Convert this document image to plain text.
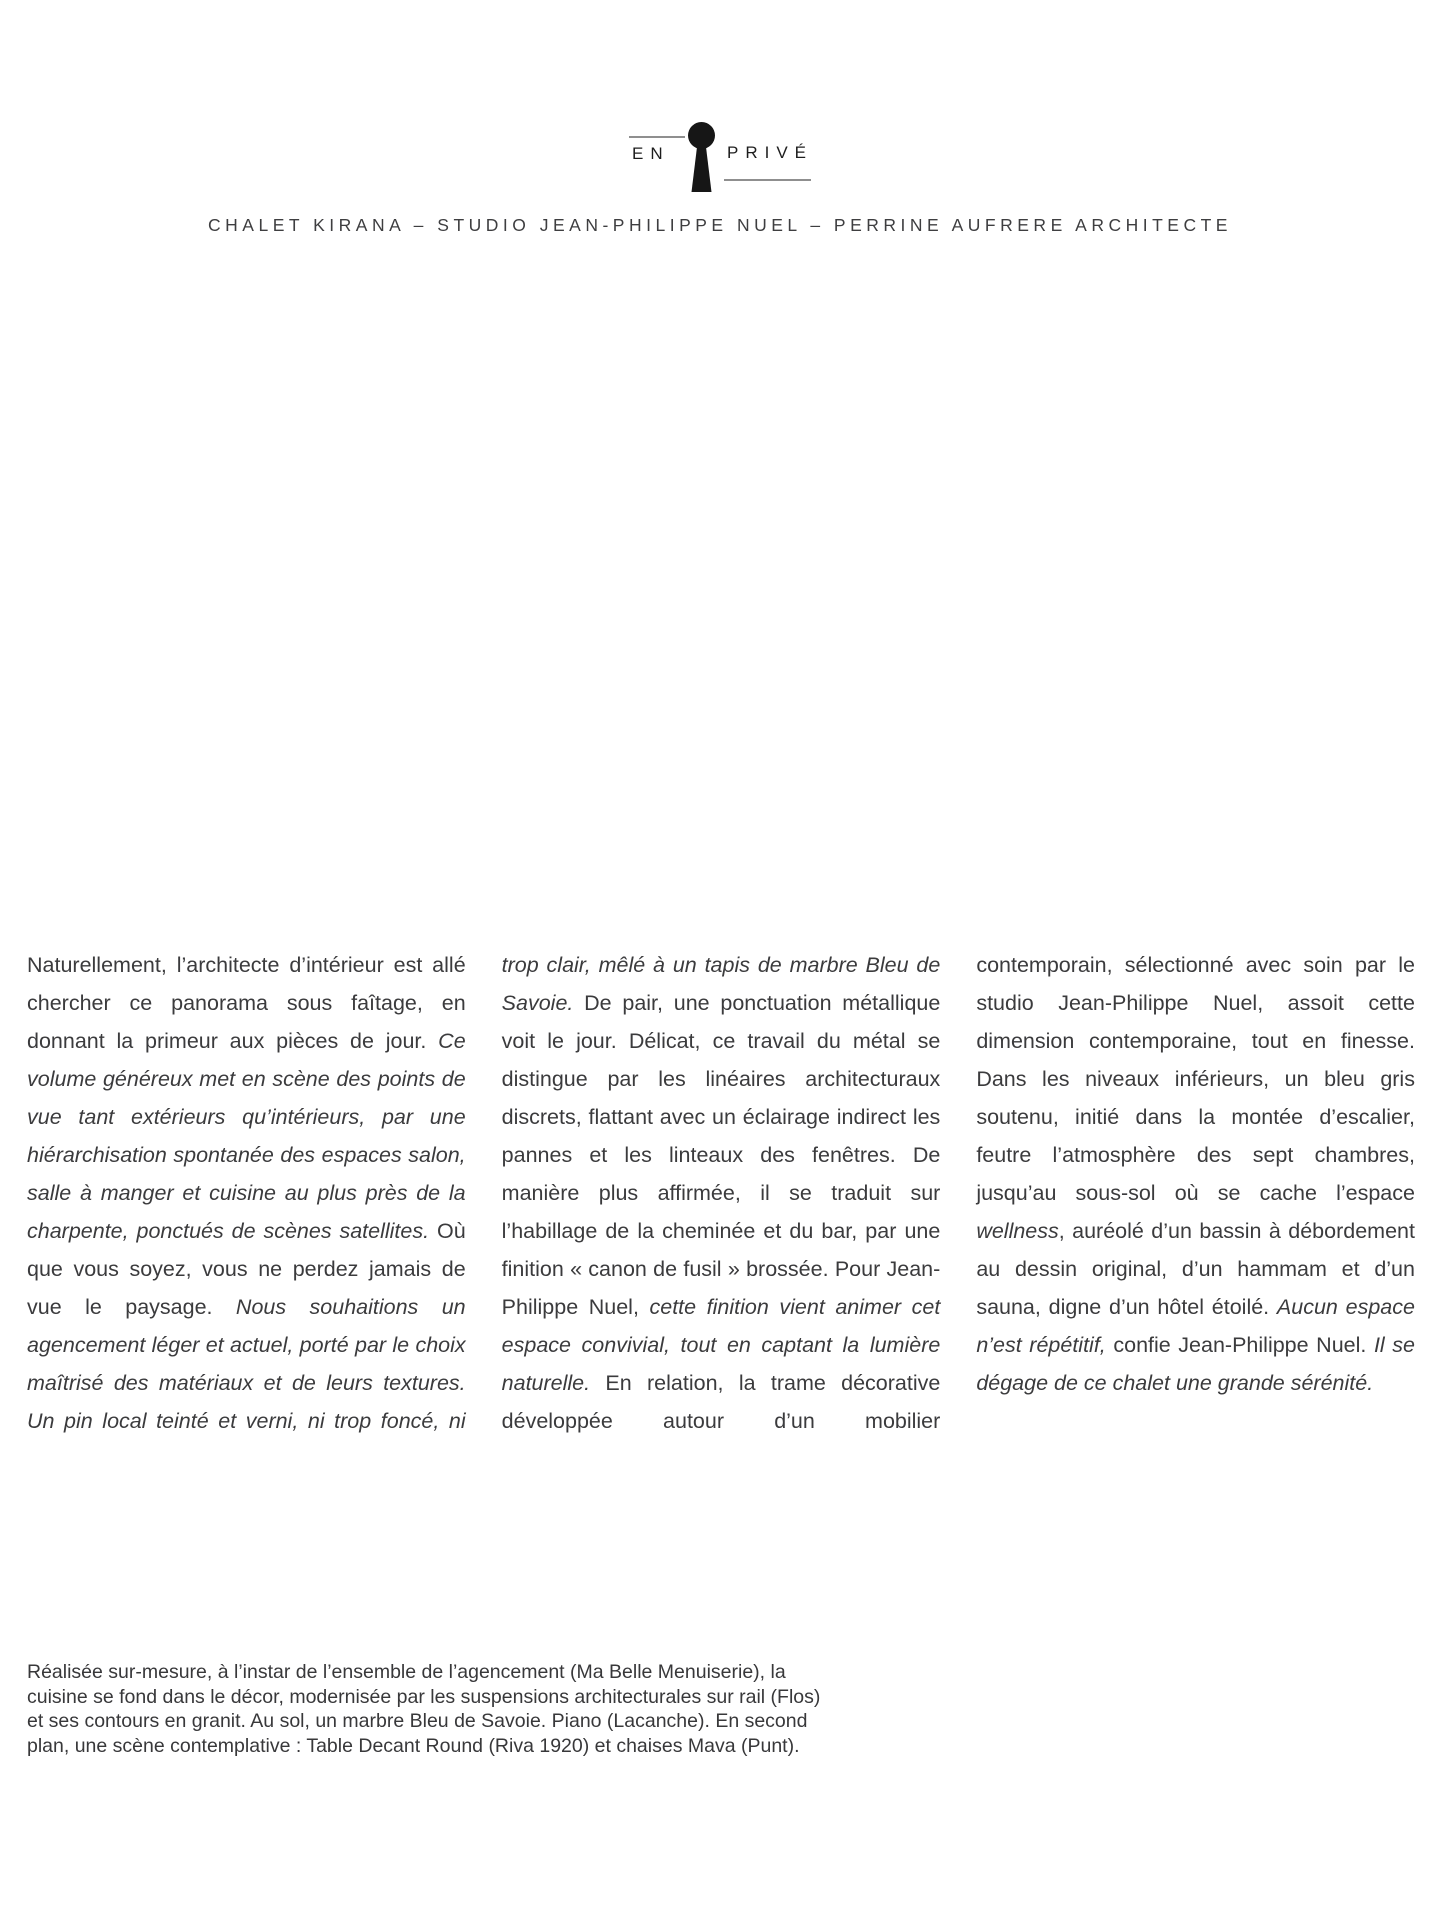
EN	PRIVÉ
CHALET KIRANA – STUDIO JEAN-PHILIPPE NUEL – PERRINE AUFRERE ARCHITECTE
Naturellement, l’architecte d’intérieur est allé chercher ce panorama sous faîtage, en donnant la primeur aux pièces de jour. Ce volume généreux met en scène des points de vue tant extérieurs qu’intérieurs, par une hiérarchisation spontanée des espaces salon, salle à manger et cuisine au plus près de la charpente, ponctués de scènes satellites. Où que vous soyez, vous ne perdez jamais de vue le paysage. Nous souhaitions un agencement léger et actuel, porté par le choix maîtrisé des matériaux et de leurs textures. Un pin local teinté et verni, ni trop foncé, ni trop clair, mêlé à un tapis de marbre Bleu de Savoie. De pair, une ponctuation métallique voit le jour. Délicat, ce travail du métal se distingue par les linéaires architecturaux discrets, flattant avec un éclairage indirect les pannes et les linteaux des fenêtres. De manière plus affirmée, il se traduit sur l’habillage de la cheminée et du bar, par une finition « canon de fusil » brossée. Pour Jean-Philippe Nuel, cette finition vient animer cet espace convivial, tout en captant la lumière naturelle. En relation, la trame décorative développée autour d’un mobilier contemporain, sélectionné avec soin par le studio Jean-Philippe Nuel, assoit cette dimension contemporaine, tout en finesse. Dans les niveaux inférieurs, un bleu gris soutenu, initié dans la montée d’escalier, feutre l’atmosphère des sept chambres, jusqu’au sous-sol où se cache l’espace wellness, auréolé d’un bassin à débordement au dessin original, d’un hammam et d’un sauna, digne d’un hôtel étoilé. Aucun espace n’est répétitif, confie Jean-Philippe Nuel. Il se dégage de ce chalet une grande sérénité.
Réalisée sur-mesure, à l’instar de l’ensemble de l’agencement (Ma Belle Menuiserie), la cuisine se fond dans le décor, modernisée par les suspensions architecturales sur rail (Flos) et ses contours en granit. Au sol, un marbre Bleu de Savoie. Piano (Lacanche). En second plan, une scène contemplative : Table Decant Round (Riva 1920) et chaises Mava (Punt).
